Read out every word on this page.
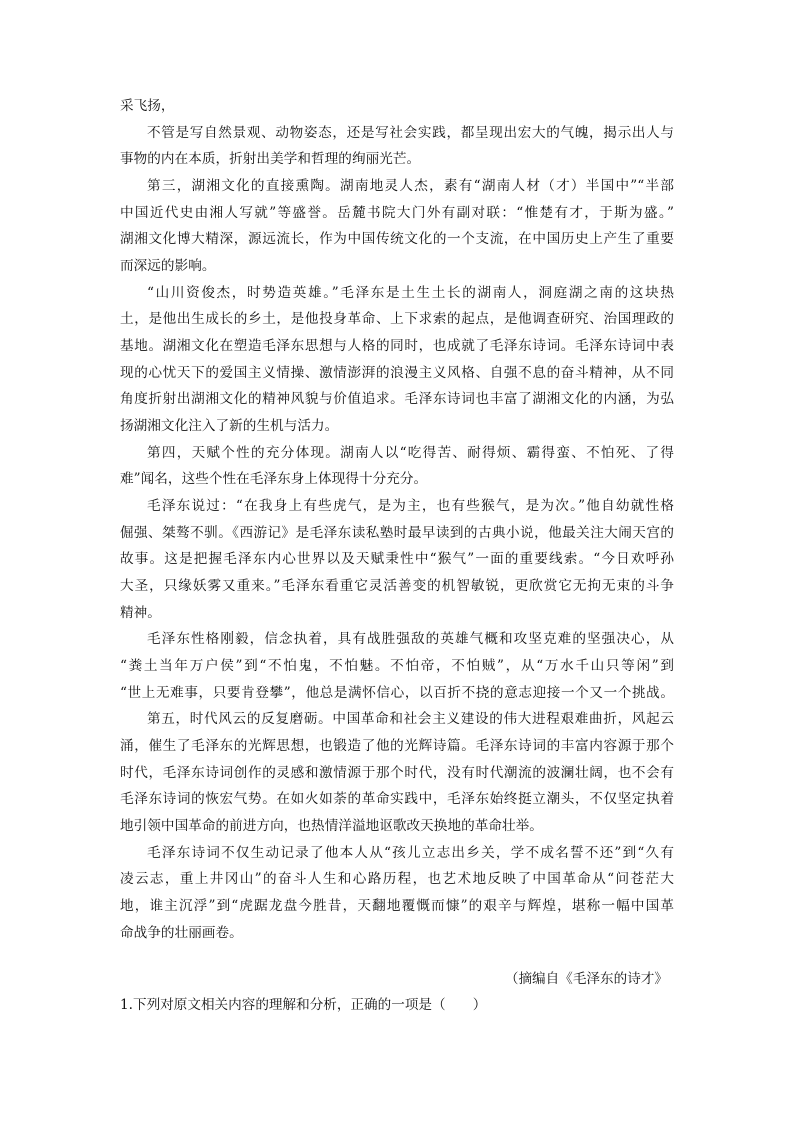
采飞扬，
不管是写自然景观、动物姿态，还是写社会实践，都呈现出宏大的气魄，揭示出人与
事物的内在本质，折射出美学和哲理的绚丽光芒。
第三，湖湘文化的直接熏陶。湖南地灵人杰，素有“湖南人材（才）半国中”“半部
中国近代史由湘人写就”等盛誉。岳麓书院大门外有副对联：“惟楚有才，于斯为盛。”
湖湘文化博大精深，源远流长，作为中国传统文化的一个支流，在中国历史上产生了重要
而深远的影响。
“山川资俊杰，时势造英雄。”毛泽东是土生土长的湖南人，洞庭湖之南的这块热
土，是他出生成长的乡土，是他投身革命、上下求索的起点，是他调查研究、治国理政的
基地。湖湘文化在塑造毛泽东思想与人格的同时，也成就了毛泽东诗词。毛泽东诗词中表
现的心忧天下的爱国主义情操、激情澎湃的浪漫主义风格、自强不息的奋斗精神，从不同
角度折射出湖湘文化的精神风貌与价值追求。毛泽东诗词也丰富了湖湘文化的内涵，为弘
扬湖湘文化注入了新的生机与活力。
第四，天赋个性的充分体现。湖南人以“吃得苦、耐得烦、霸得蛮、不怕死、了得
难”闻名，这些个性在毛泽东身上体现得十分充分。
毛泽东说过：“在我身上有些虎气，是为主，也有些猴气，是为次。”他自幼就性格
倔强、桀骜不驯。《西游记》是毛泽东读私塾时最早读到的古典小说，他最关注大闹天宫的
故事。这是把握毛泽东内心世界以及天赋秉性中“猴气”一面的重要线索。“今日欢呼孙
大圣，只缘妖雾又重来。”毛泽东看重它灵活善变的机智敏锐，更欣赏它无拘无束的斗争
精神。
毛泽东性格刚毅，信念执着，具有战胜强敌的英雄气概和攻坚克难的坚强决心，从
“粪土当年万户侯”到“不怕鬼，不怕魅。不怕帝，不怕贼”，从“万水千山只等闲”到
“世上无难事，只要肯登攀”，他总是满怀信心，以百折不挠的意志迎接一个又一个挑战。
第五，时代风云的反复磨砺。中国革命和社会主义建设的伟大进程艰难曲折，风起云
涌，催生了毛泽东的光辉思想，也锻造了他的光辉诗篇。毛泽东诗词的丰富内容源于那个
时代，毛泽东诗词创作的灵感和激情源于那个时代，没有时代潮流的波澜壮阔，也不会有
毛泽东诗词的恢宏气势。在如火如荼的革命实践中，毛泽东始终挺立潮头，不仅坚定执着
地引领中国革命的前进方向，也热情洋溢地讴歌改天换地的革命壮举。
毛泽东诗词不仅生动记录了他本人从“孩儿立志出乡关，学不成名誓不还”到“久有
凌云志，重上井冈山”的奋斗人生和心路历程，也艺术地反映了中国革命从“问苍茫大
地，谁主沉浮”到“虎踞龙盘今胜昔，天翻地覆慨而慷”的艰辛与辉煌，堪称一幅中国革
命战争的壮丽画卷。
（摘编自《毛泽东的诗才》
1.下列对原文相关内容的理解和分析，正确的一项是（　　）
